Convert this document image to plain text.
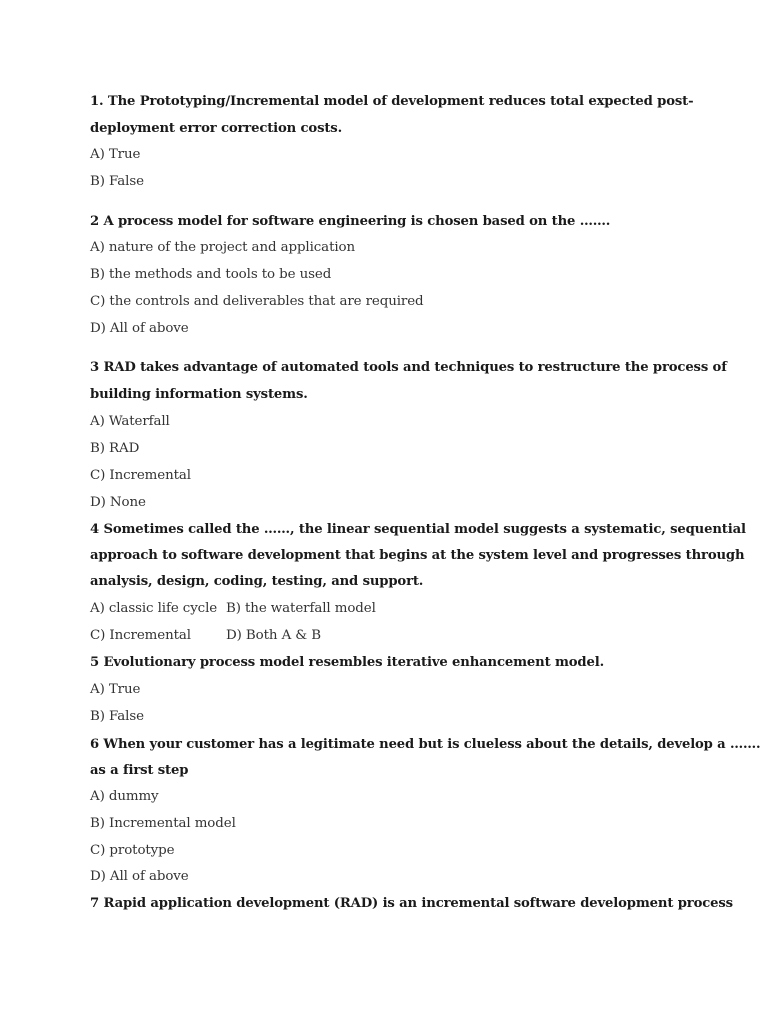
1. The Prototyping/Incremental model of development reduces total expected post-
deployment error correction costs.
A) True
B) False
2 A process model for software engineering is chosen based on the …….
A) nature of the project and application
B) the methods and tools to be used
C) the controls and deliverables that are required
D) All of above
3 RAD takes advantage of automated tools and techniques to restructure the process of
building information systems.
A) Waterfall
B) RAD
C) Incremental
D) None
4 Sometimes called the ……, the linear sequential model suggests a systematic, sequential
approach to software development that begins at the system level and progresses through
analysis, design, coding, testing, and support.
A) classic life cycle B) the waterfall model
C) Incremental	D) Both A & B
5 Evolutionary process model resembles iterative enhancement model.
A) True
B) False
6 When your customer has a legitimate need but is clueless about the details, develop a …….
as a first step
A) dummy
B) Incremental model
C) prototype
D) All of above
7 Rapid application development (RAD) is an incremental software development process
